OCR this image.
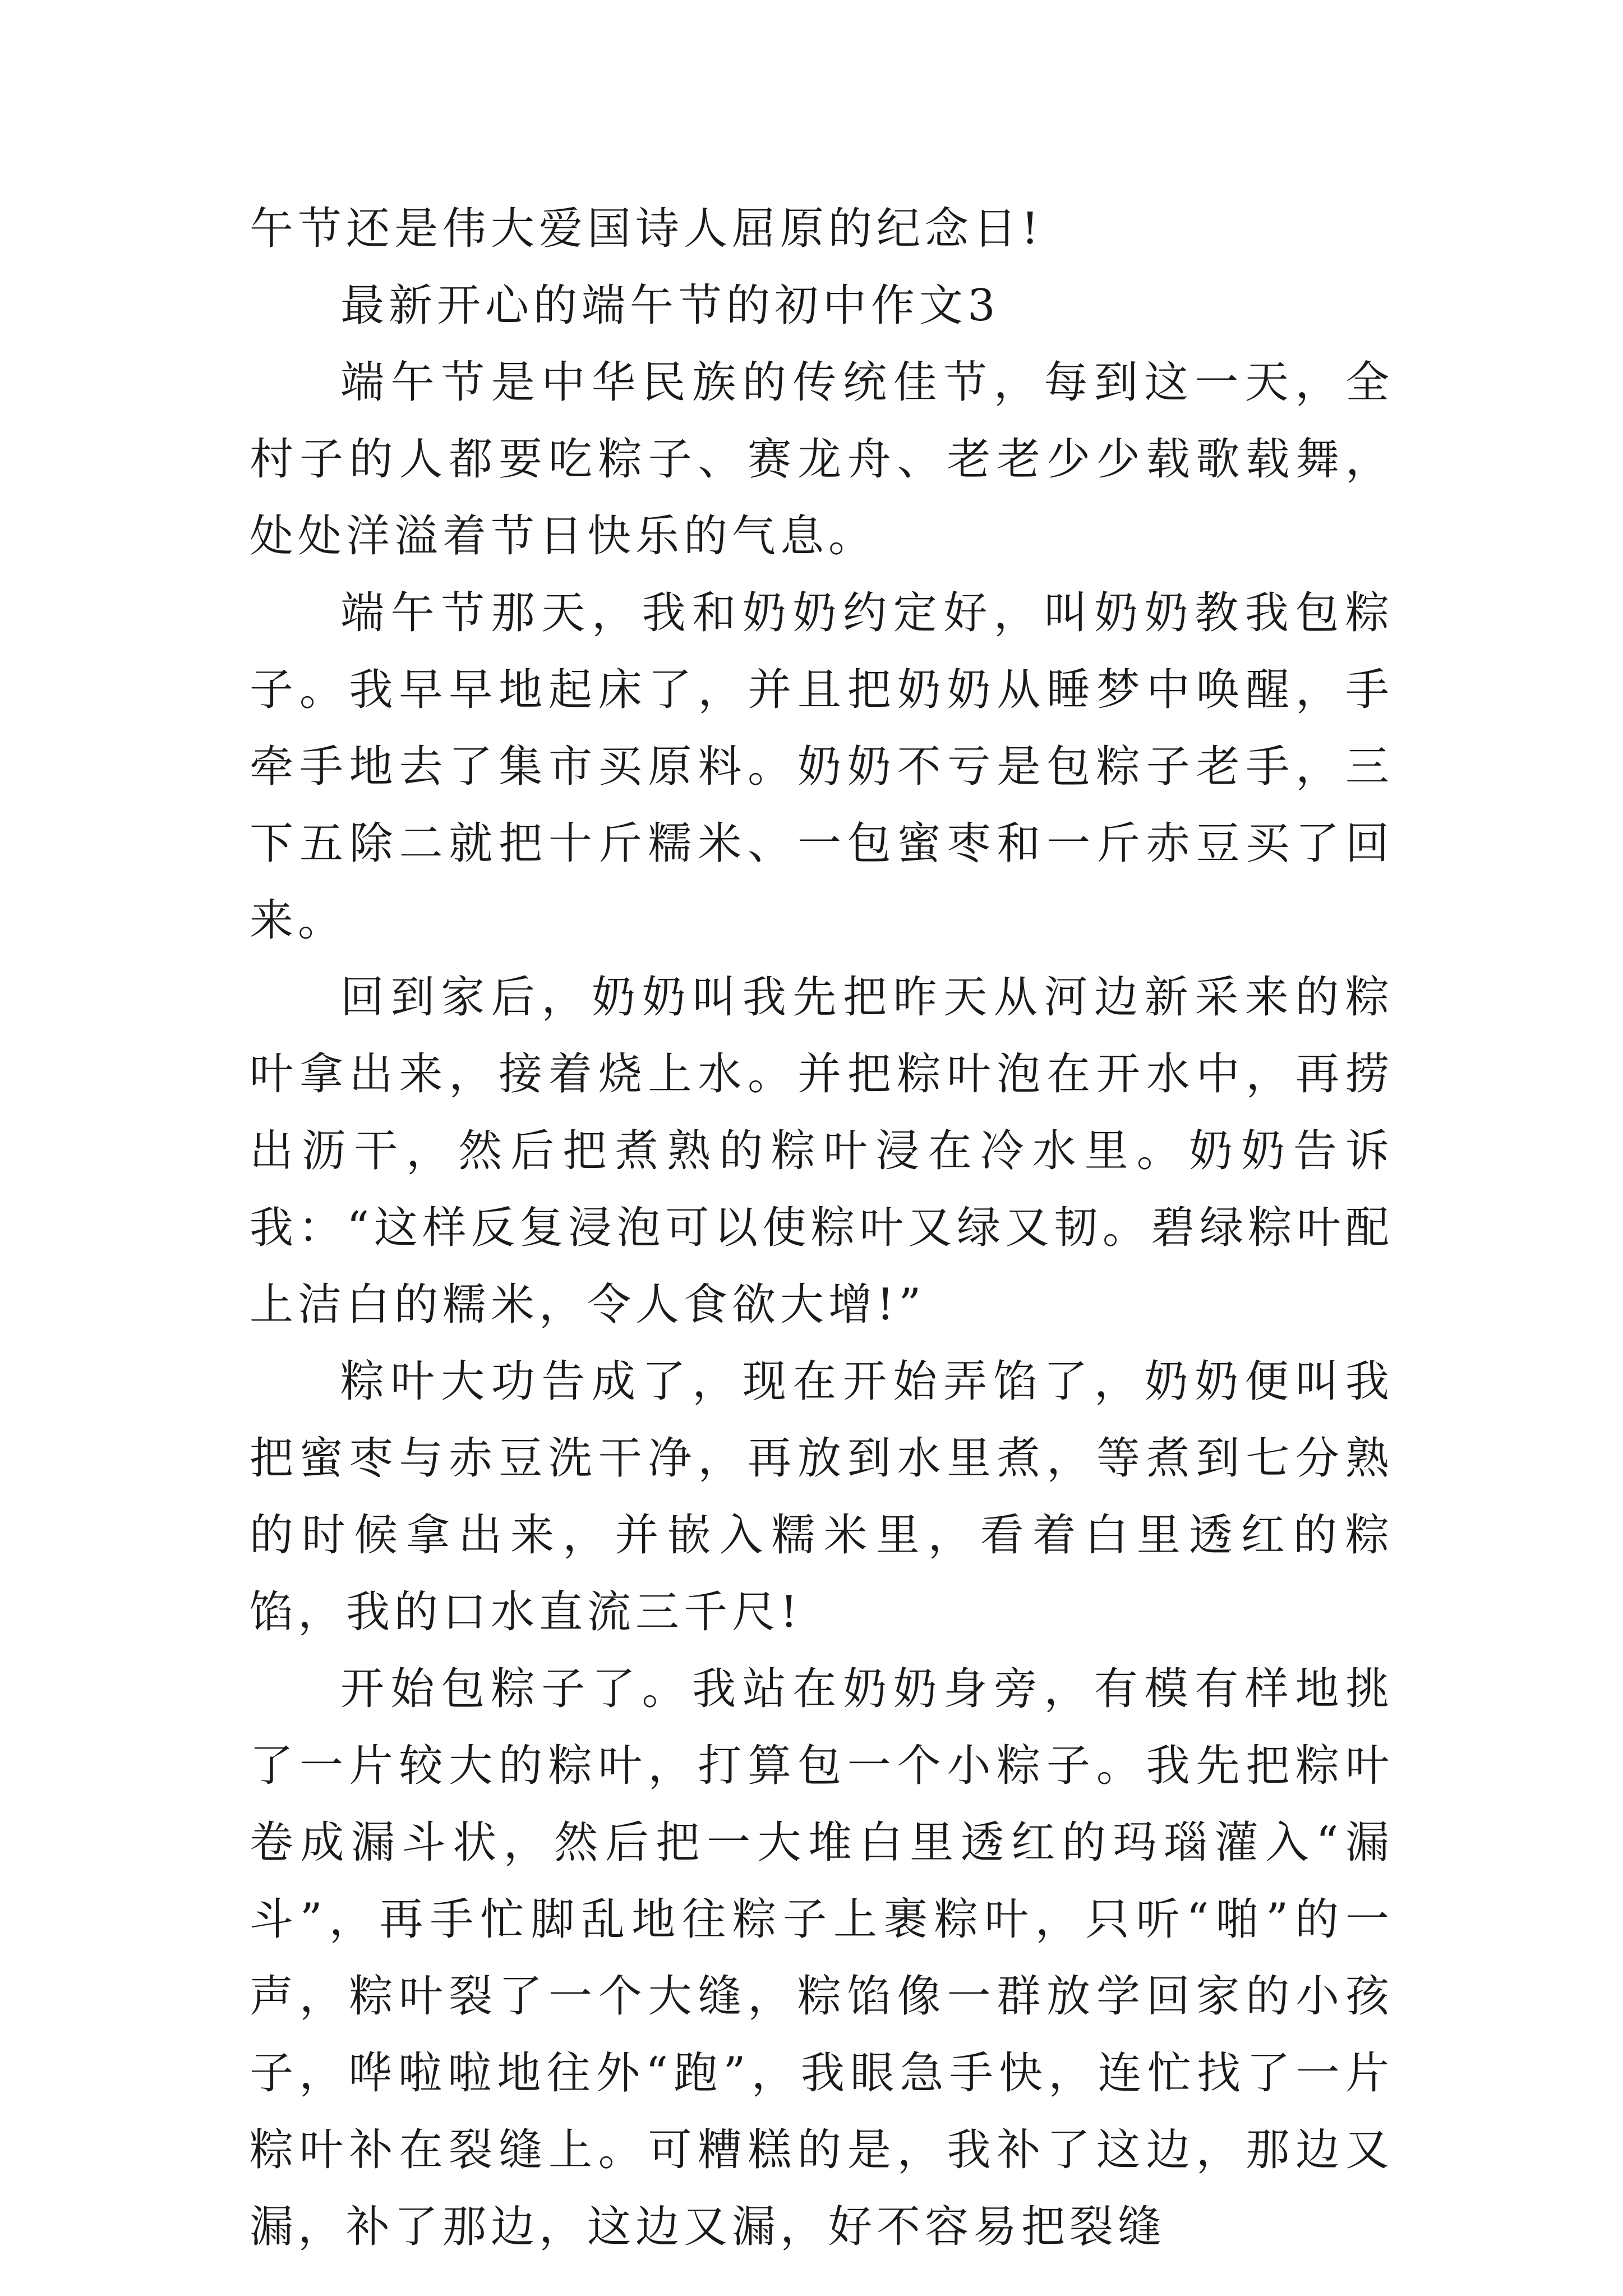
午节还是伟大爱国诗人屈原的纪念日!

最新开心的端午节的初中作文3

端午节是中华民族的传统佳节，每到这一天，全村子的人都要吃粽子、赛龙舟、老老少少载歌载舞，处处洋溢着节日快乐的气息。

端午节那天，我和奶奶约定好，叫奶奶教我包粽子。我早早地起床了，并且把奶奶从睡梦中唤醒，手牵手地去了集市买原料。奶奶不亏是包粽子老手，三下五除二就把十斤糯米、一包蜜枣和一斤赤豆买了回来。

回到家后，奶奶叫我先把昨天从河边新采来的粽叶拿出来，接着烧上水。并把粽叶泡在开水中，再捞出沥干，然后把煮熟的粽叶浸在冷水里。奶奶告诉我：“这样反复浸泡可以使粽叶又绿又韧。碧绿粽叶配上洁白的糯米，令人食欲大增!”

粽叶大功告成了，现在开始弄馅了，奶奶便叫我把蜜枣与赤豆洗干净，再放到水里煮，等煮到七分熟的时候拿出来，并嵌入糯米里，看着白里透红的粽馅，我的口水直流三千尺!

开始包粽子了。我站在奶奶身旁，有模有样地挑了一片较大的粽叶，打算包一个小粽子。我先把粽叶卷成漏斗状，然后把一大堆白里透红的玛瑙灌入“漏斗”，再手忙脚乱地往粽子上裹粽叶，只听“啪”的一声，粽叶裂了一个大缝，粽馅像一群放学回家的小孩子，哗啦啦地往外“跑”，我眼急手快，连忙找了一片粽叶补在裂缝上。可糟糕的是，我补了这边，那边又漏，补了那边，这边又漏，好不容易把裂缝
